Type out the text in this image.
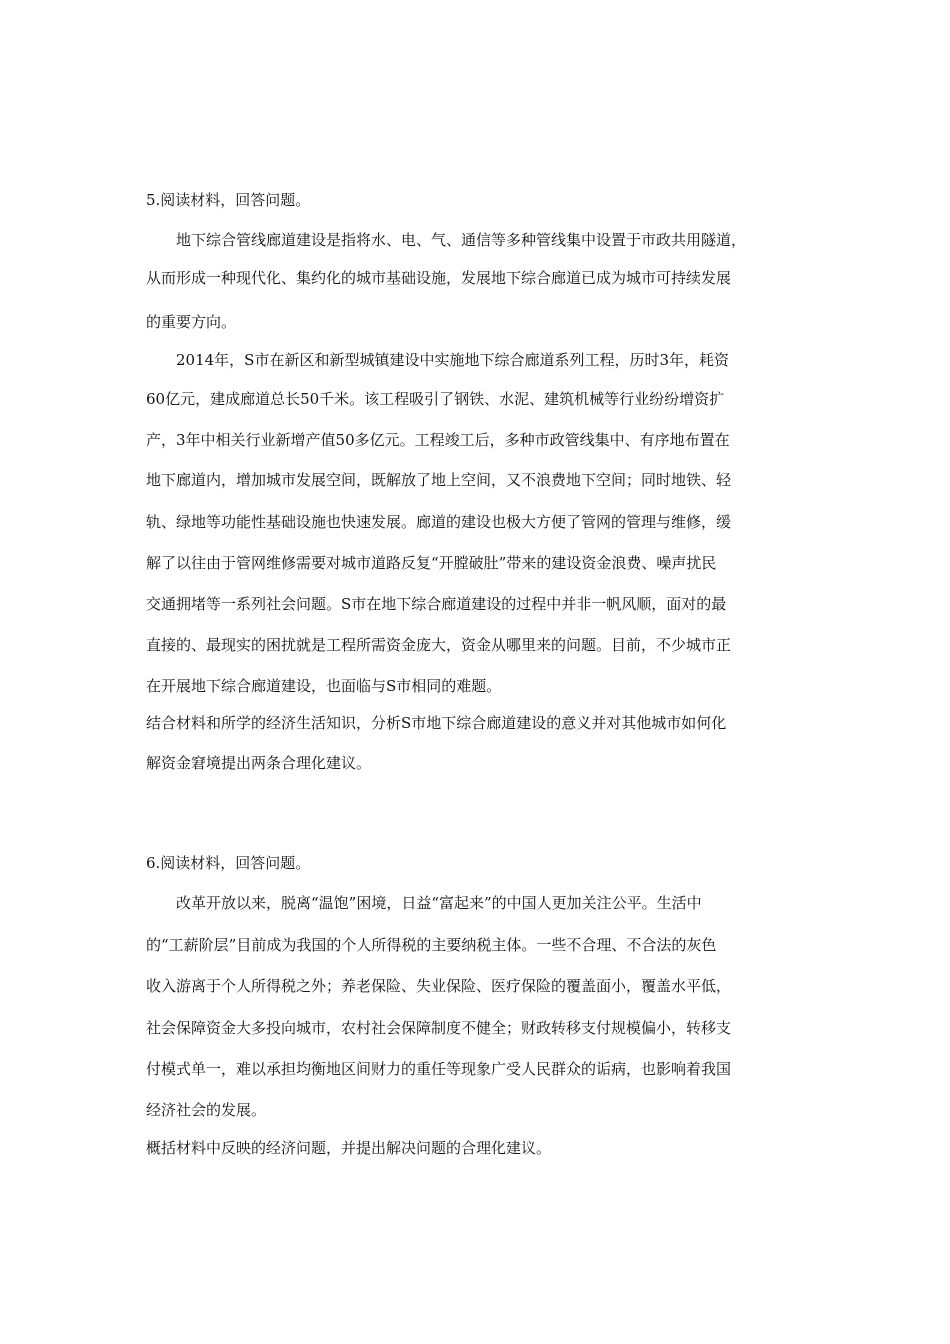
5.阅读材料，回答问题。

地下综合管线廊道建设是指将水、电、气、通信等多种管线集中设置于市政共用隧道，

从而形成一种现代化、集约化的城市基础设施，发展地下综合廊道已成为城市可持续发展

的重要方向。

2014年，S市在新区和新型城镇建设中实施地下综合廊道系列工程，历时3年，耗资

60亿元，建成廊道总长50千米。该工程吸引了钢铁、水泥、建筑机械等行业纷纷增资扩

产，3年中相关行业新增产值50多亿元。工程竣工后，多种市政管线集中、有序地布置在

地下廊道内，增加城市发展空间，既解放了地上空间，又不浪费地下空间；同时地铁、轻

轨、绿地等功能性基础设施也快速发展。廊道的建设也极大方便了管网的管理与维修，缓

解了以往由于管网维修需要对城市道路反复“开膛破肚”带来的建设资金浪费、噪声扰民

交通拥堵等一系列社会问题。S市在地下综合廊道建设的过程中并非一帆风顺，面对的最

直接的、最现实的困扰就是工程所需资金庞大，资金从哪里来的问题。目前，不少城市正

在开展地下综合廊道建设，也面临与S市相同的难题。

结合材料和所学的经济生活知识，分析S市地下综合廊道建设的意义并对其他城市如何化

解资金窘境提出两条合理化建议。

6.阅读材料，回答问题。

改革开放以来，脱离“温饱”困境，日益“富起来”的中国人更加关注公平。生活中

的“工薪阶层”目前成为我国的个人所得税的主要纳税主体。一些不合理、不合法的灰色

收入游离于个人所得税之外；养老保险、失业保险、医疗保险的覆盖面小，覆盖水平低，

社会保障资金大多投向城市，农村社会保障制度不健全；财政转移支付规模偏小，转移支

付模式单一，难以承担均衡地区间财力的重任等现象广受人民群众的诟病，也影响着我国

经济社会的发展。

概括材料中反映的经济问题，并提出解决问题的合理化建议。
